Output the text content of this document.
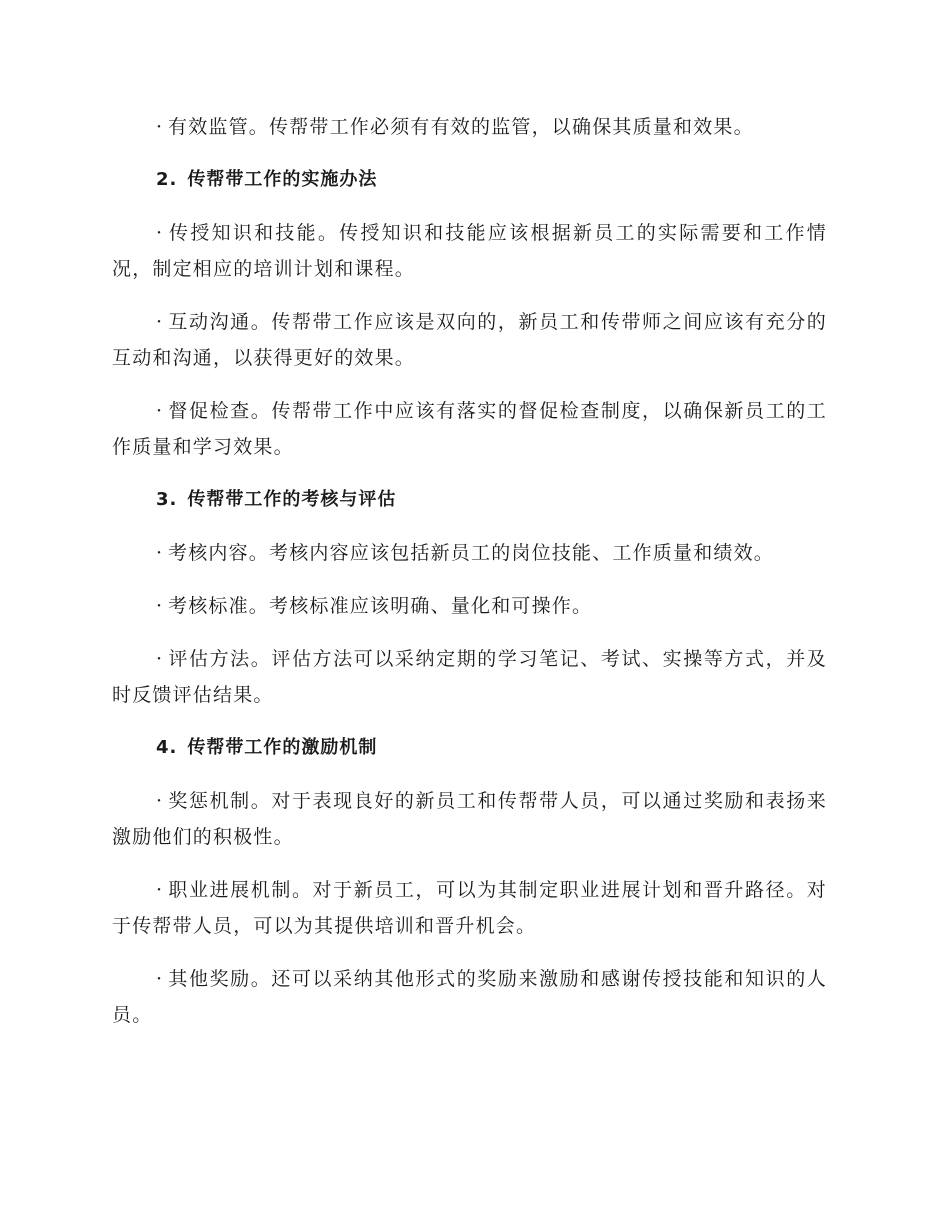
· 有效监管。传帮带工作必须有有效的监管，以确保其质量和效果。

2. 传帮带工作的实施办法

· 传授知识和技能。传授知识和技能应该根据新员工的实际需要和工作情况，制定相应的培训计划和课程。

· 互动沟通。传帮带工作应该是双向的，新员工和传带师之间应该有充分的互动和沟通，以获得更好的效果。

· 督促检查。传帮带工作中应该有落实的督促检查制度，以确保新员工的工作质量和学习效果。

3. 传帮带工作的考核与评估

· 考核内容。考核内容应该包括新员工的岗位技能、工作质量和绩效。

· 考核标准。考核标准应该明确、量化和可操作。

· 评估方法。评估方法可以采纳定期的学习笔记、考试、实操等方式，并及时反馈评估结果。

4. 传帮带工作的激励机制

· 奖惩机制。对于表现良好的新员工和传帮带人员，可以通过奖励和表扬来激励他们的积极性。

· 职业进展机制。对于新员工，可以为其制定职业进展计划和晋升路径。对于传帮带人员，可以为其提供培训和晋升机会。

· 其他奖励。还可以采纳其他形式的奖励来激励和感谢传授技能和知识的人员。
